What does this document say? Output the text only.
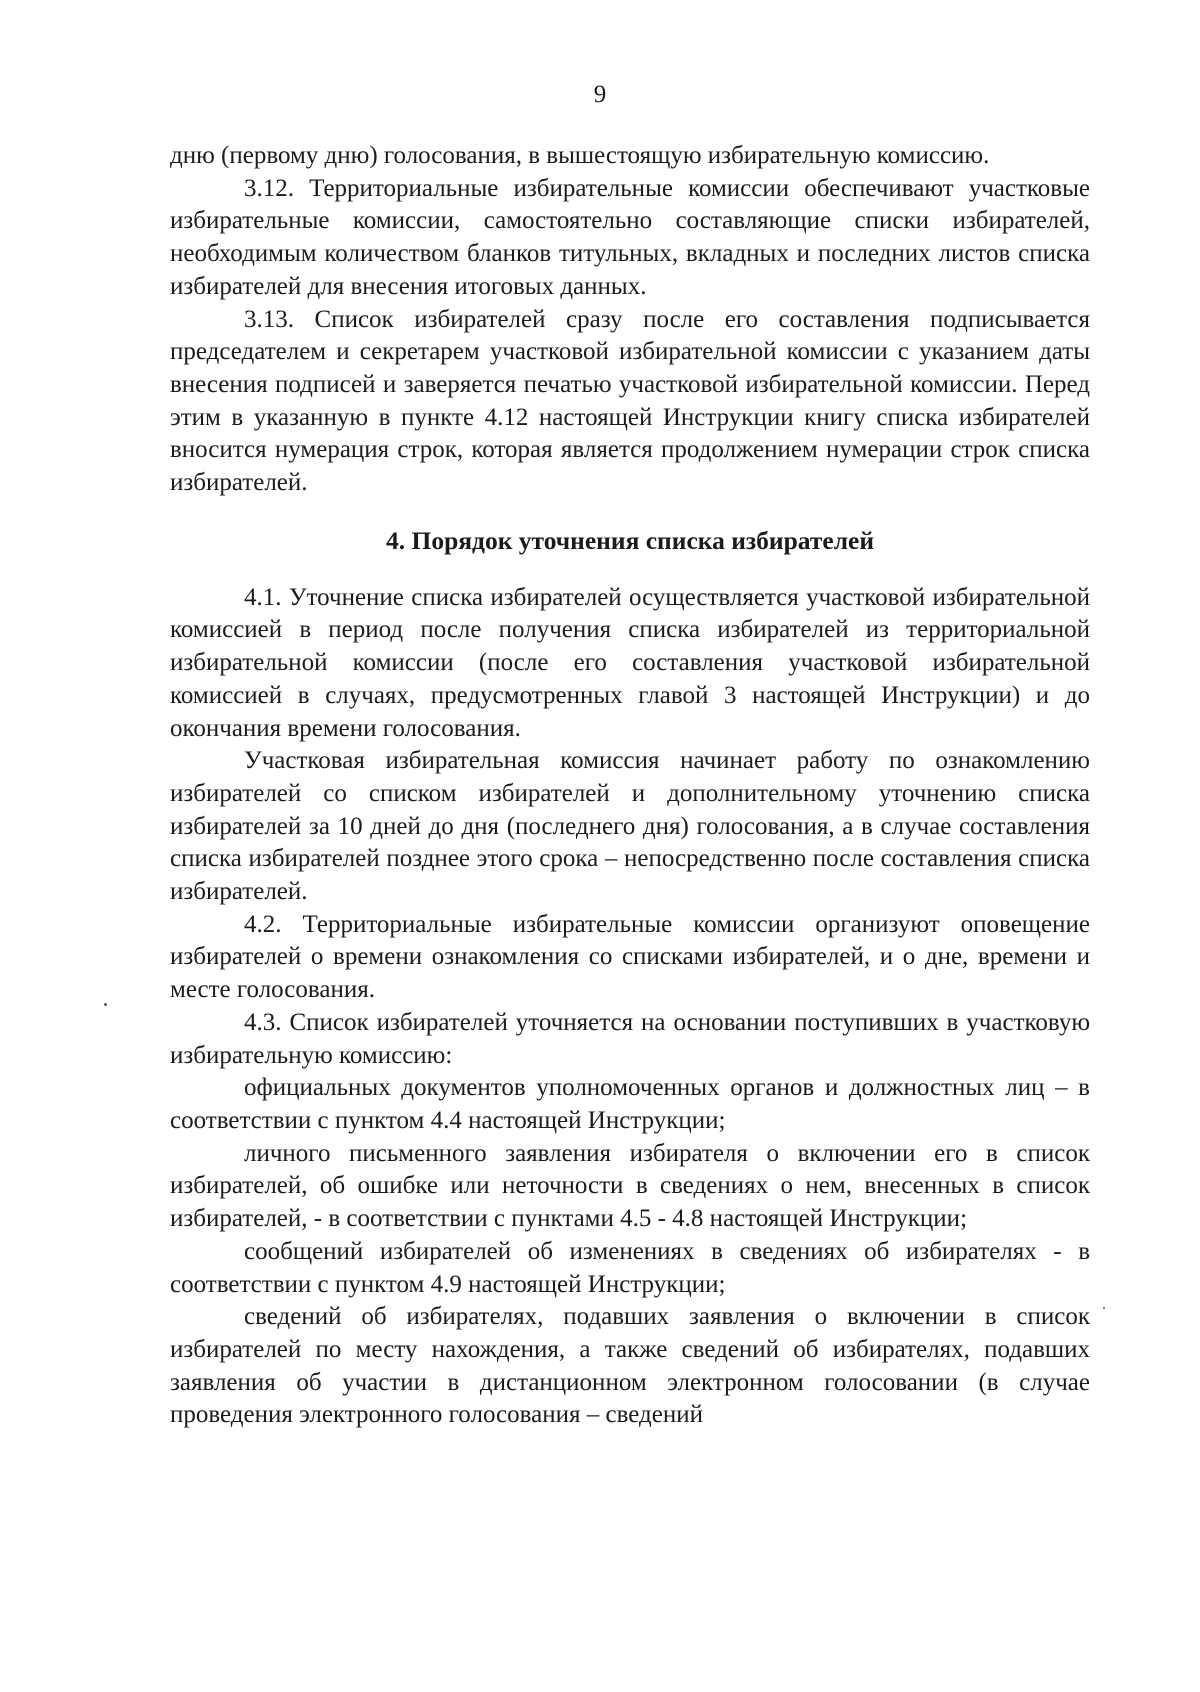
9

дню (первому дню) голосования, в вышестоящую избирательную комиссию.

3.12. Территориальные избирательные комиссии обеспечивают участковые избирательные комиссии, самостоятельно составляющие списки избирателей, необходимым количеством бланков титульных, вкладных и последних листов списка избирателей для внесения итоговых данных.

3.13. Список избирателей сразу после его составления подписывается председателем и секретарем участковой избирательной комиссии с указанием даты внесения подписей и заверяется печатью участковой избирательной комиссии. Перед этим в указанную в пункте 4.12 настоящей Инструкции книгу списка избирателей вносится нумерация строк, которая является продолжением нумерации строк списка избирателей.

4. Порядок уточнения списка избирателей

4.1. Уточнение списка избирателей осуществляется участковой избирательной комиссией в период после получения списка избирателей из территориальной избирательной комиссии (после его составления участковой избирательной комиссией в случаях, предусмотренных главой 3 настоящей Инструкции) и до окончания времени голосования.

Участковая избирательная комиссия начинает работу по ознакомлению избирателей со списком избирателей и дополнительному уточнению списка избирателей за 10 дней до дня (последнего дня) голосования, а в случае составления списка избирателей позднее этого срока – непосредственно после составления списка избирателей.

4.2. Территориальные избирательные комиссии организуют оповещение избирателей о времени ознакомления со списками избирателей, и о дне, времени и месте голосования.

4.3. Список избирателей уточняется на основании поступивших в участковую избирательную комиссию:

официальных документов уполномоченных органов и должностных лиц – в соответствии с пунктом 4.4 настоящей Инструкции;

личного письменного заявления избирателя о включении его в список избирателей, об ошибке или неточности в сведениях о нем, внесенных в список избирателей, - в соответствии с пунктами 4.5 - 4.8 настоящей Инструкции;

сообщений избирателей об изменениях в сведениях об избирателях - в соответствии с пунктом 4.9 настоящей Инструкции;

сведений об избирателях, подавших заявления о включении в список избирателей по месту нахождения, а также сведений об избирателях, подавших заявления об участии в дистанционном электронном голосовании (в случае проведения электронного голосования – сведений
